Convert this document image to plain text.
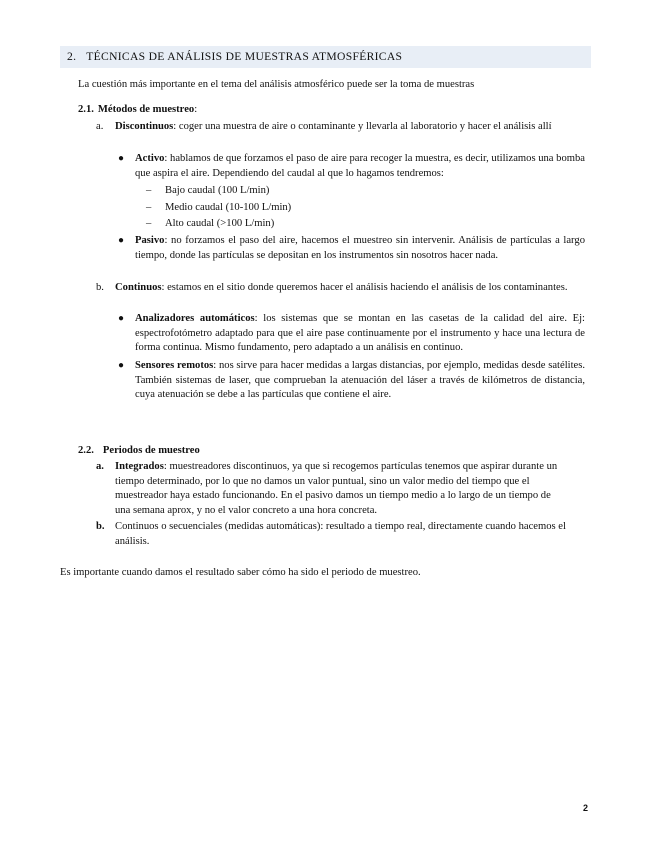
2. TÉCNICAS DE ANÁLISIS DE MUESTRAS ATMOSFÉRICAS
La cuestión más importante en el tema del análisis atmosférico puede ser la toma de muestras
2.1. Métodos de muestreo:
a. Discontinuos: coger una muestra de aire o contaminante y llevarla al laboratorio y hacer el análisis allí
● Activo: hablamos de que forzamos el paso de aire para recoger la muestra, es decir, utilizamos una bomba que aspira el aire. Dependiendo del caudal al que lo hagamos tendremos:
– Bajo caudal (100 L/min)
– Medio caudal (10-100 L/min)
– Alto caudal (>100 L/min)
● Pasivo: no forzamos el paso del aire, hacemos el muestreo sin intervenir. Análisis de partículas a largo tiempo, donde las partículas se depositan en los instrumentos sin nosotros hacer nada.
b. Continuos: estamos en el sitio donde queremos hacer el análisis haciendo el análisis de los contaminantes.
● Analizadores automáticos: los sistemas que se montan en las casetas de la calidad del aire. Ej: espectrofotómetro adaptado para que el aire pase continuamente por el instrumento y hace una lectura de forma continua. Mismo fundamento, pero adaptado a un análisis en continuo.
● Sensores remotos: nos sirve para hacer medidas a largas distancias, por ejemplo, medidas desde satélites. También sistemas de laser, que comprueban la atenuación del láser a través de kilómetros de distancia, cuya atenuación se debe a las partículas que contiene el aire.
2.2. Periodos de muestreo
a. Integrados: muestreadores discontinuos, ya que si recogemos partículas tenemos que aspirar durante un tiempo determinado, por lo que no damos un valor puntual, sino un valor medio del tiempo que el muestreador haya estado funcionando. En el pasivo damos un tiempo medio a lo largo de un tiempo de una semana aprox, y no el valor concreto a una hora concreta.
b. Continuos o secuenciales (medidas automáticas): resultado a tiempo real, directamente cuando hacemos el análisis.
Es importante cuando damos el resultado saber cómo ha sido el periodo de muestreo.
2
